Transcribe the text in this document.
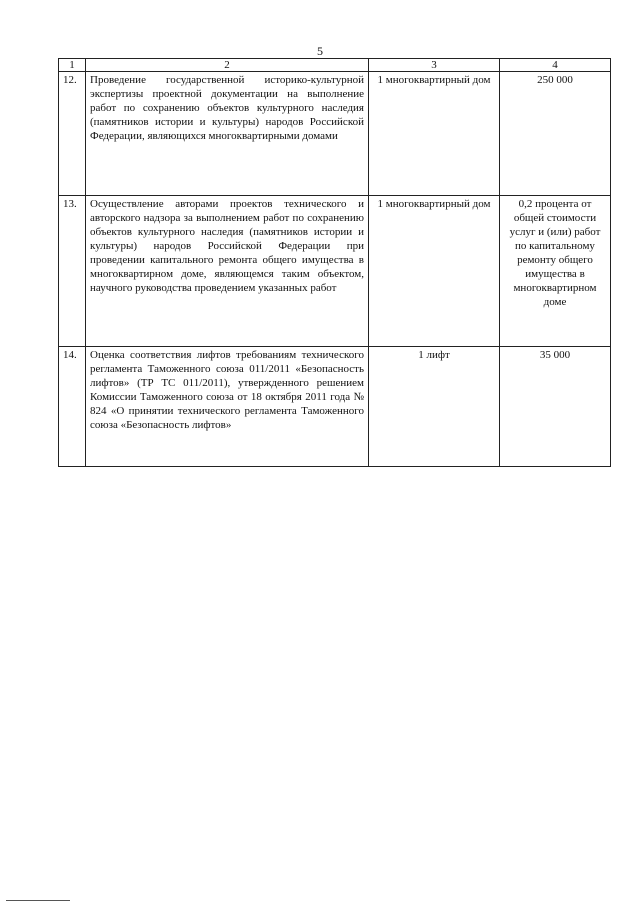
5
1	2	3	4
12.	Проведение государственной историко-культурной экспертизы проектной документации на выполнение работ по сохранению объектов культурного наследия (памятников истории и культуры) народов Российской Федерации, являющихся многоквартирными домами	1 многоквартирный дом	250 000
13.	Осуществление авторами проектов технического и авторского надзора за выполнением работ по сохранению объектов культурного наследия (памятников истории и культуры) народов Российской Федерации при проведении капитального ремонта общего имущества в многоквартирном доме, являющемся таким объектом, научного руководства проведением указанных работ	1 многоквартирный дом	0,2 процента от общей стоимости услуг и (или) работ по капитальному ремонту общего имущества в многоквартирном доме
14.	Оценка соответствия лифтов требованиям технического регламента Таможенного союза 011/2011 «Безопасность лифтов» (ТР ТС 011/2011), утвержденного решением Комиссии Таможенного союза от 18 октября 2011 года № 824 «О принятии технического регламента Таможенного союза «Безопасность лифтов»	1 лифт	35 000
